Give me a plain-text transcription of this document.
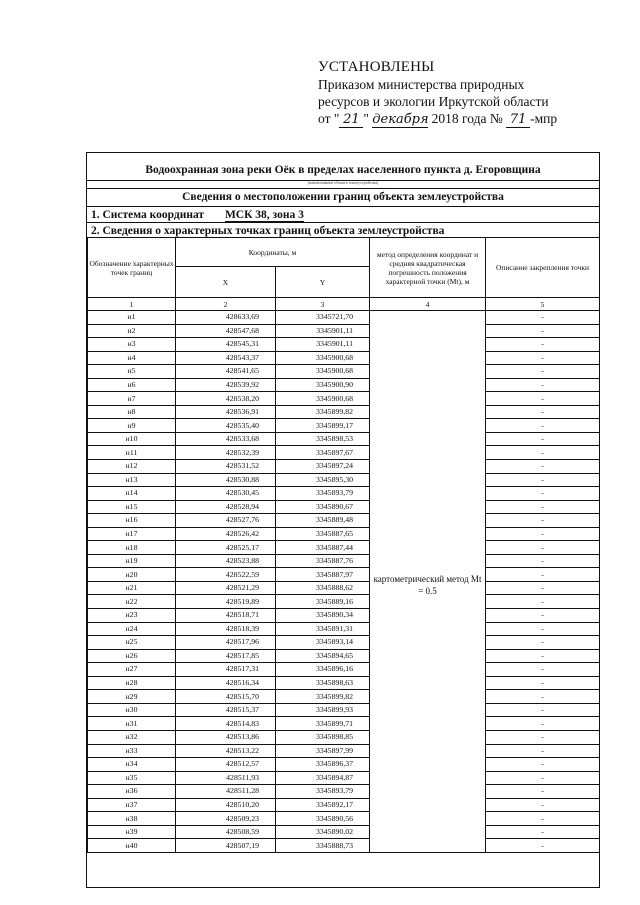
УСТАНОВЛЕНЫ
Приказом министерства природных
ресурсов и экологии Иркутской области
от " 21 " декабря 2018 года № 71 -мпр
Водоохранная зона реки Оёк в пределах населенного пункта д. Егоровщина
(наименование объекта землеустройства)
Сведения о местоположении границ объекта землеустройства
1. Система координат МСК 38, зона 3
2. Сведения о характерных точках границ объекта землеустройства
Обозначение характерных точек границ	Координаты, м		метод определения координат и средняя квадратическая погрешность положения характерной точки (Мt), м	Описание закрепления точки
	X	Y		
1	2	3	4	5
н1	428633,69	3345721,70	картометрический метод Мt = 0.5	-
н2	428547,68	3345901,11		-
н3	428545,31	3345901,11		-
н4	428543,37	3345900,68		-
н5	428541,65	3345900,68		-
н6	428539,92	3345900,90		-
н7	428538,20	3345900,68		-
н8	428536,91	3345899,82		-
н9	428535,40	3345899,17		-
н10	428533,68	3345898,53		-
н11	428532,39	3345897,67		-
н12	428531,52	3345897,24		-
н13	428530,88	3345895,30		-
н14	428530,45	3345893,79		-
н15	428528,94	3345890,67		-
н16	428527,76	3345889,48		-
н17	428526,42	3345887,65		-
н18	428525,17	3345887,44		-
н19	428523,88	3345887,76		-
н20	428522,59	3345887,97		-
н21	428521,29	3345888,62		-
н22	428519,89	3345889,16		-
н23	428518,71	3345890,34		-
н24	428518,39	3345891,31		-
н25	428517,96	3345893,14		-
н26	428517,85	3345894,65		-
н27	428517,31	3345896,16		-
н28	428516,34	3345898,63		-
н29	428515,70	3345899,82		-
н30	428515,37	3345899,93		-
н31	428514,83	3345899,71		-
н32	428513,86	3345898,85		-
н33	428513,22	3345897,99		-
н34	428512,57	3345896,37		-
н35	428511,93	3345894,87		-
н36	428511,28	3345893,79		-
н37	428510,20	3345892,17		-
н38	428509,23	3345890,56		-
н39	428508,59	3345890,02		-
н40	428507,19	3345888,73		-
